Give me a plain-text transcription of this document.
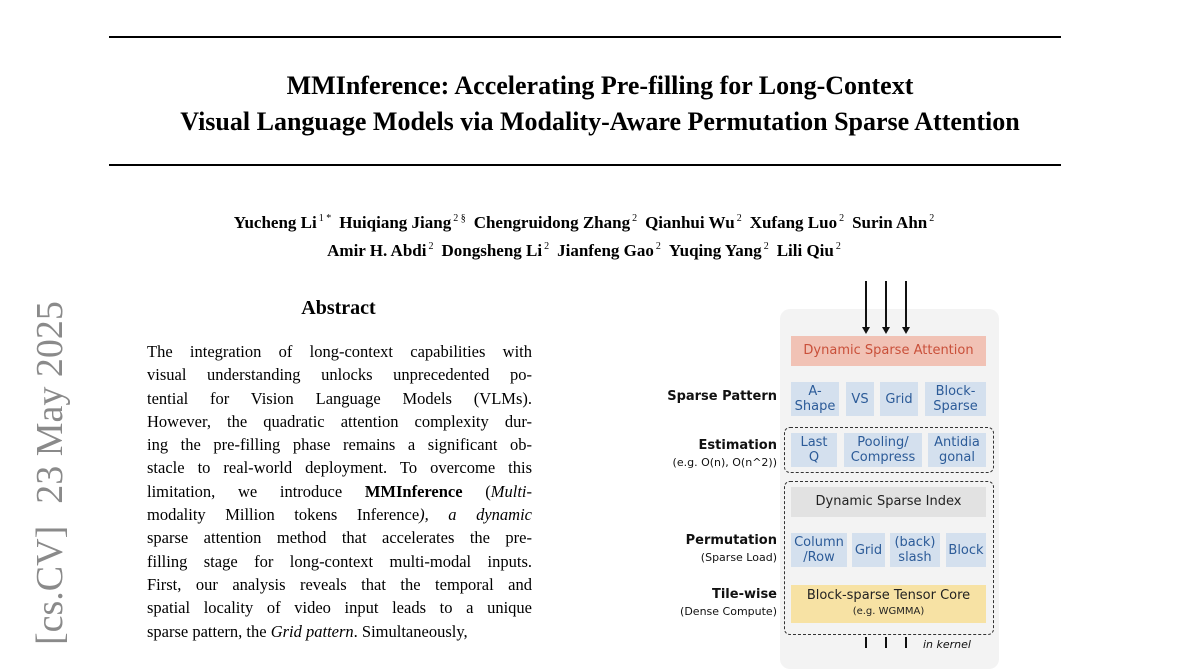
MMInference: Accelerating Pre-filling for Long-Context
Visual Language Models via Modality-Aware Permutation Sparse Attention
Yucheng Li $^{1 *}$ Huiqiang Jiang $^{2 \S}$ Chengruidong Zhang $^2$ Qianhui Wu $^2$ Xufang Luo $^2$ Surin Ahn $^2$
Amir H. Abdi $^2$ Dongsheng Li $^2$ Jianfeng Gao $^2$ Yuqing Yang $^2$ Lili Qiu $^2$
[cs.CV]23 May 2025	Abstract
The integration of long-context capabilities with
visual understanding unlocks unprecedented po-
tential for Vision Language Models (VLMs).
However, the quadratic attention complexity dur-
ing the pre-filling phase remains a significant ob-
stacle to real-world deployment. To overcome this
limitation, we introduce MMInference (Multi-
modality Million tokens Inference), a dynamic
sparse attention method that accelerates the pre-
filling stage for long-context multi-modal inputs.
First, our analysis reveals that the temporal and
spatial locality of video input leads to a unique
sparse pattern, the Grid pattern. Simultaneously,
Dynamic Sparse Attention
Sparse Pattern	A-
Shape VS Grid Block-
Sparse
Estimation
(e.g. O(n), O(n^2))
Last
Q
Pooling/
Compress
Antidia
gonal
Dynamic Sparse Index
Permutation
(Sparse Load)
Column
/Row	Grid (back)
slash Block
Tile-wise
(Dense Compute)
Block-sparse Tensor Core
(e.g. WGMMA)
in kernel
